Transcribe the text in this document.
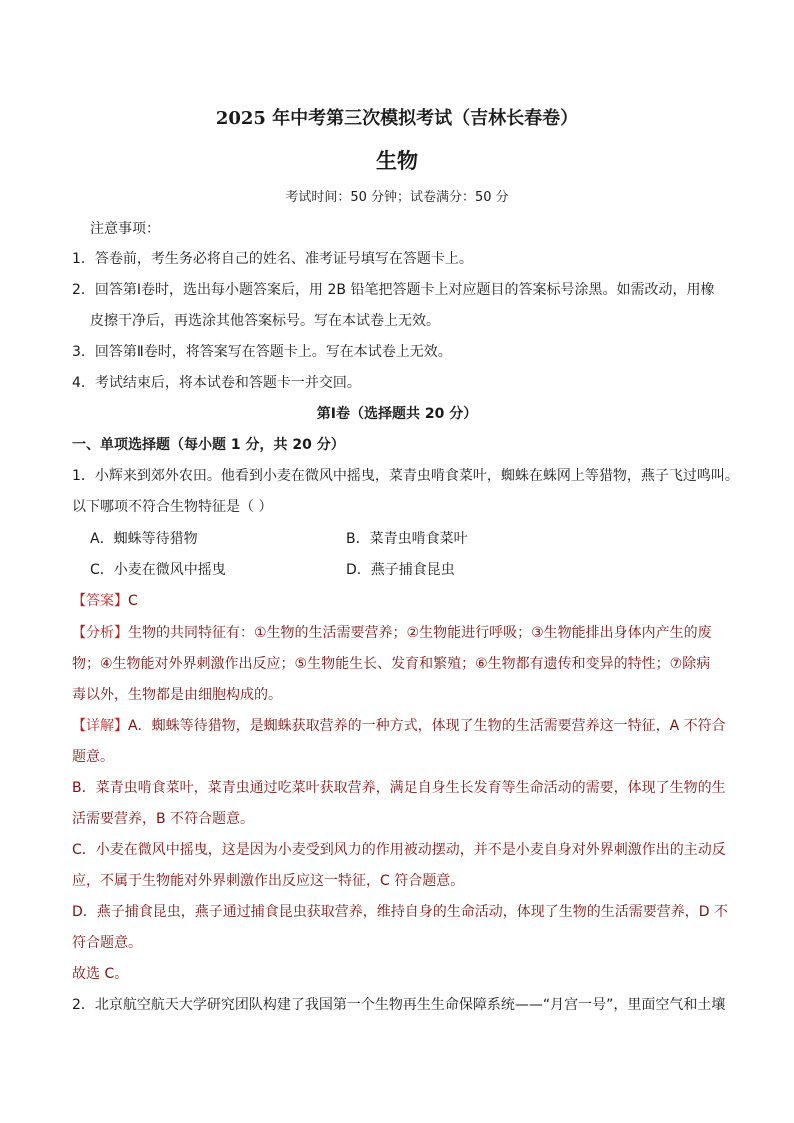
2025 年中考第三次模拟考试（吉林长春卷）
生物
考试时间：50 分钟；试卷满分：50 分
注意事项：
1．答卷前，考生务必将自己的姓名、准考证号填写在答题卡上。
2．回答第Ⅰ卷时，选出每小题答案后，用 2B 铅笔把答题卡上对应题目的答案标号涂黑。如需改动，用橡
皮擦干净后，再选涂其他答案标号。写在本试卷上无效。
3．回答第Ⅱ卷时，将答案写在答题卡上。写在本试卷上无效。
4．考试结束后，将本试卷和答题卡一并交回。
第Ⅰ卷（选择题共 20 分）
一、单项选择题（每小题 1 分，共 20 分）
1．小辉来到郊外农田。他看到小麦在微风中摇曳，菜青虫啃食菜叶，蜘蛛在蛛网上等猎物，燕子飞过鸣叫。
以下哪项不符合生物特征是（ ）
A．蜘蛛等待猎物	B．菜青虫啃食菜叶
C．小麦在微风中摇曳	D．燕子捕食昆虫
【答案】C
【分析】生物的共同特征有：①生物的生活需要营养；②生物能进行呼吸；③生物能排出身体内产生的废
物；④生物能对外界刺激作出反应；⑤生物能生长、发育和繁殖；⑥生物都有遗传和变异的特性；⑦除病
毒以外，生物都是由细胞构成的。
【详解】A．蜘蛛等待猎物，是蜘蛛获取营养的一种方式，体现了生物的生活需要营养这一特征，A 不符合
题意。
B．菜青虫啃食菜叶，菜青虫通过吃菜叶获取营养，满足自身生长发育等生命活动的需要，体现了生物的生
活需要营养，B 不符合题意。
C．小麦在微风中摇曳，这是因为小麦受到风力的作用被动摆动，并不是小麦自身对外界刺激作出的主动反
应，不属于生物能对外界刺激作出反应这一特征，C 符合题意。
D．燕子捕食昆虫，燕子通过捕食昆虫获取营养，维持自身的生命活动，体现了生物的生活需要营养，D 不
符合题意。
故选 C。
2．北京航空航天大学研究团队构建了我国第一个生物再生生命保障系统——“月宫一号”，里面空气和土壤
